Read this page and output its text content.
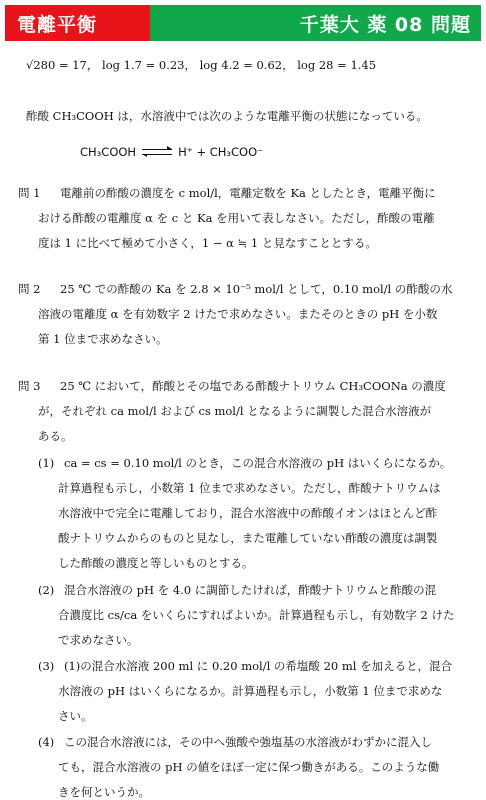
電離平衡	千葉大 薬 08 問題
√280 = 17， log 1.7 = 0.23， log 4.2 = 0.62， log 28 = 1.45
酢酸 CH₃COOH は，水溶液中では次のような電離平衡の状態になっている。
CH₃COOH	H⁺ + CH₃COO⁻
問 1 電離前の酢酸の濃度を c mol/l，電離定数を Ka としたとき，電離平衡に
おける酢酸の電離度 α を c と Ka を用いて表しなさい。ただし，酢酸の電離
度は 1 に比べて極めて小さく，1 − α ≒ 1 と見なすこととする。
問 2 25 ℃ での酢酸の Ka を 2.8 × 10⁻⁵ mol/l として，0.10 mol/l の酢酸の水
溶液の電離度 α を有効数字 2 けたで求めなさい。またそのときの pH を小数
第 1 位まで求めなさい。
問 3 25 ℃ において，酢酸とその塩である酢酸ナトリウム CH₃COONa の濃度
が，それぞれ ca mol/l および cs mol/l となるように調製した混合水溶液が
ある。
(1) ca = cs = 0.10 mol/l のとき，この混合水溶液の pH はいくらになるか。
計算過程も示し，小数第 1 位まで求めなさい。ただし，酢酸ナトリウムは
水溶液中で完全に電離しており，混合水溶液中の酢酸イオンはほとんど酢
酸ナトリウムからのものと見なし，また電離していない酢酸の濃度は調製
した酢酸の濃度と等しいものとする。
(2) 混合水溶液の pH を 4.0 に調節したければ，酢酸ナトリウムと酢酸の混
合濃度比 cs/ca をいくらにすればよいか。計算過程も示し，有効数字 2 けた
で求めなさい。
(3) (1)の混合水溶液 200 ml に 0.20 mol/l の希塩酸 20 ml を加えると，混合
水溶液の pH はいくらになるか。計算過程も示し，小数第 1 位まで求めな
さい。
(4) この混合水溶液には，その中へ強酸や強塩基の水溶液がわずかに混入し
ても，混合水溶液の pH の値をほぼ一定に保つ働きがある。このような働
きを何というか。
